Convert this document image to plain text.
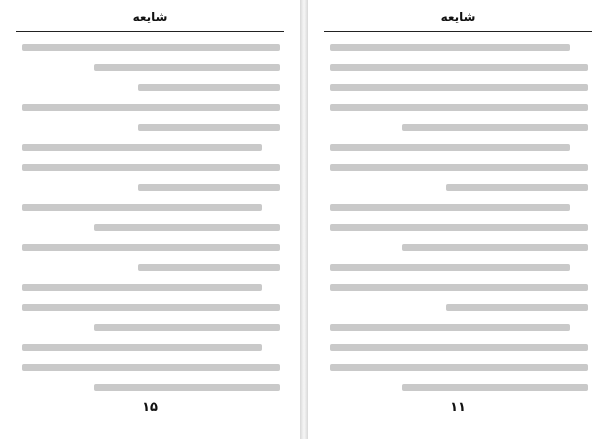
شایعه
۱۵
شایعه
۱۱
